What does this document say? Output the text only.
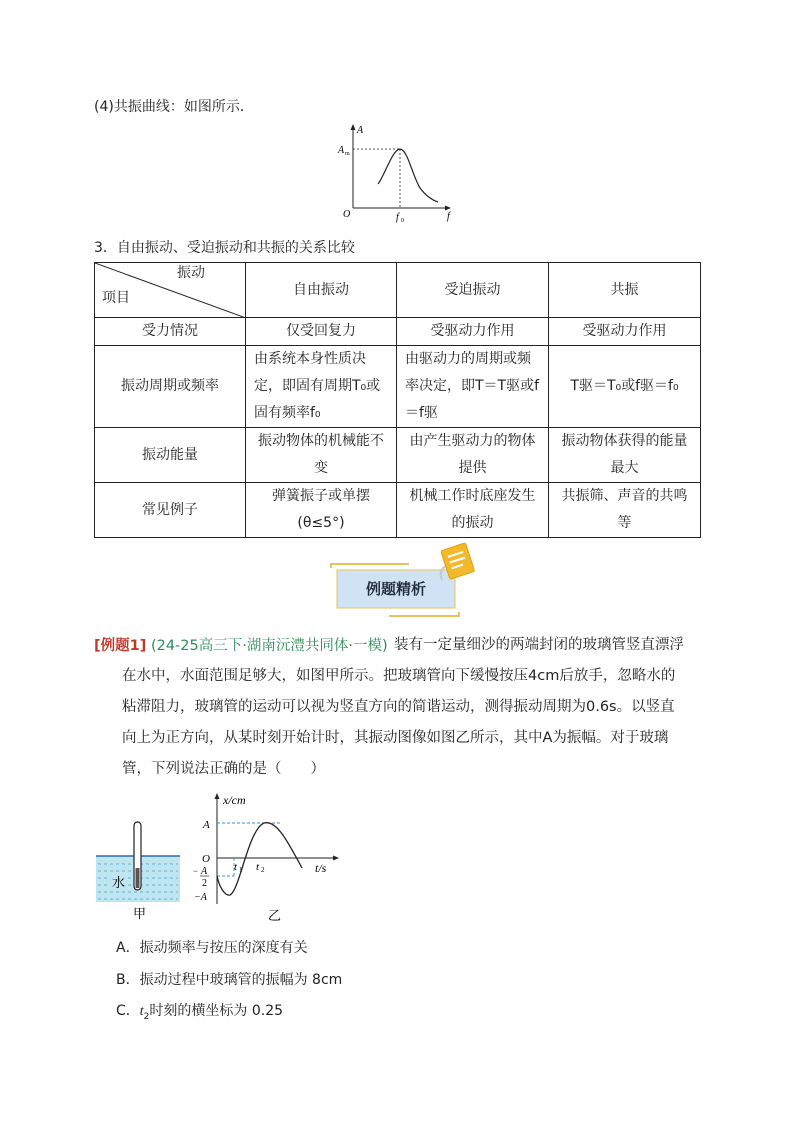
(4)共振曲线：如图所示．
A
A m
O	f
f 0
3．自由振动、受迫振动和共振的关系比较
振动
项目	自由振动	受迫振动	共振
受力情况	仅受回复力	受驱动力作用	受驱动力作用
振动周期或频率	由系统本身性质决定，即固有周期T₀或固有频率f₀	由驱动力的周期或频率决定，即T＝T驱或f＝f驱	T驱＝T₀或f驱＝f₀
振动能量	振动物体的机械能不变	由产生驱动力的物体提供	振动物体获得的能量最大
常见例子	弹簧振子或单摆(θ≤5°)	机械工作时底座发生的振动	共振筛、声音的共鸣等
例题精析
[例题1] (24-25高三下·湖南沅澧共同体·一模) 装有一定量细沙的两端封闭的玻璃管竖直漂浮在水中，水面范围足够大，如图甲所示。把玻璃管向下缓慢按压4cm后放手，忽略水的粘滞阻力，玻璃管的运动可以视为竖直方向的简谐运动，测得振动周期为0.6s。以竖直向上为正方向，从某时刻开始计时，其振动图像如图乙所示，其中A为振幅。对于玻璃管，下列说法正确的是（　　）
水
甲
x/cm
A
O
− A
2
−A
t 1 t 2	t/s
乙
A．振动频率与按压的深度有关
B．振动过程中玻璃管的振幅为 8cm
C．$t_2$时刻的横坐标为 0.25
